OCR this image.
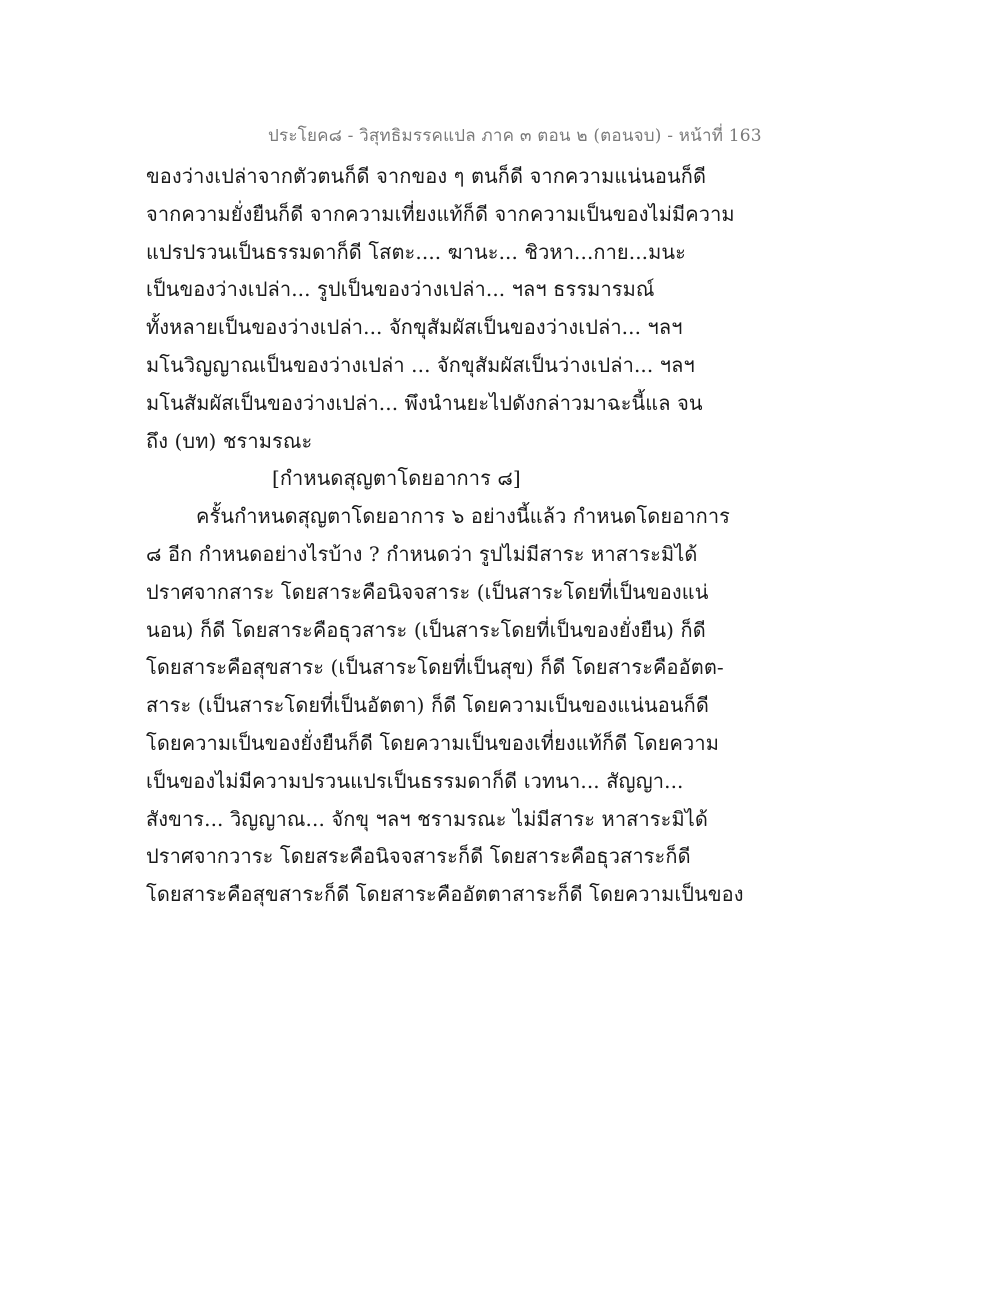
ประโยค๘ - วิสุทธิมรรคแปล ภาค ๓ ตอน ๒ (ตอนจบ) - หน้าที่ 163
ของว่างเปล่าจากตัวตนก็ดี จากของ ๆ ตนก็ดี จากความแน่นอนก็ดี
จากความยั่งยืนก็ดี จากความเที่ยงแท้ก็ดี จากความเป็นของไม่มีความ
แปรปรวนเป็นธรรมดาก็ดี โสตะ.... ฆานะ... ชิวหา...กาย...มนะ
เป็นของว่างเปล่า... รูปเป็นของว่างเปล่า... ฯลฯ ธรรมารมณ์
ทั้งหลายเป็นของว่างเปล่า... จักขุสัมผัสเป็นของว่างเปล่า... ฯลฯ
มโนวิญญาณเป็นของว่างเปล่า ... จักขุสัมผัสเป็นว่างเปล่า... ฯลฯ
มโนสัมผัสเป็นของว่างเปล่า... พึงนำนยะไปดังกล่าวมาฉะนี้แล จน
ถึง (บท) ชรามรณะ
[กำหนดสุญตาโดยอาการ ๘]
ครั้นกำหนดสุญตาโดยอาการ ๖ อย่างนี้แล้ว กำหนดโดยอาการ
๘ อีก กำหนดอย่างไรบ้าง ? กำหนดว่า รูปไม่มีสาระ หาสาระมิได้
ปราศจากสาระ โดยสาระคือนิจจสาระ (เป็นสาระโดยที่เป็นของแน่
นอน) ก็ดี โดยสาระคือธุวสาระ (เป็นสาระโดยที่เป็นของยั่งยืน) ก็ดี
โดยสาระคือสุขสาระ (เป็นสาระโดยที่เป็นสุข) ก็ดี โดยสาระคืออัตต-
สาระ (เป็นสาระโดยที่เป็นอัตตา) ก็ดี โดยความเป็นของแน่นอนก็ดี
โดยความเป็นของยั่งยืนก็ดี โดยความเป็นของเที่ยงแท้ก็ดี โดยความ
เป็นของไม่มีความปรวนแปรเป็นธรรมดาก็ดี เวทนา... สัญญา...
สังขาร... วิญญาณ... จักขุ ฯลฯ ชรามรณะ ไม่มีสาระ หาสาระมิได้
ปราศจากวาระ โดยสระคือนิจจสาระก็ดี โดยสาระคือธุวสาระก็ดี
โดยสาระคือสุขสาระก็ดี โดยสาระคืออัตตาสาระก็ดี โดยความเป็นของ
